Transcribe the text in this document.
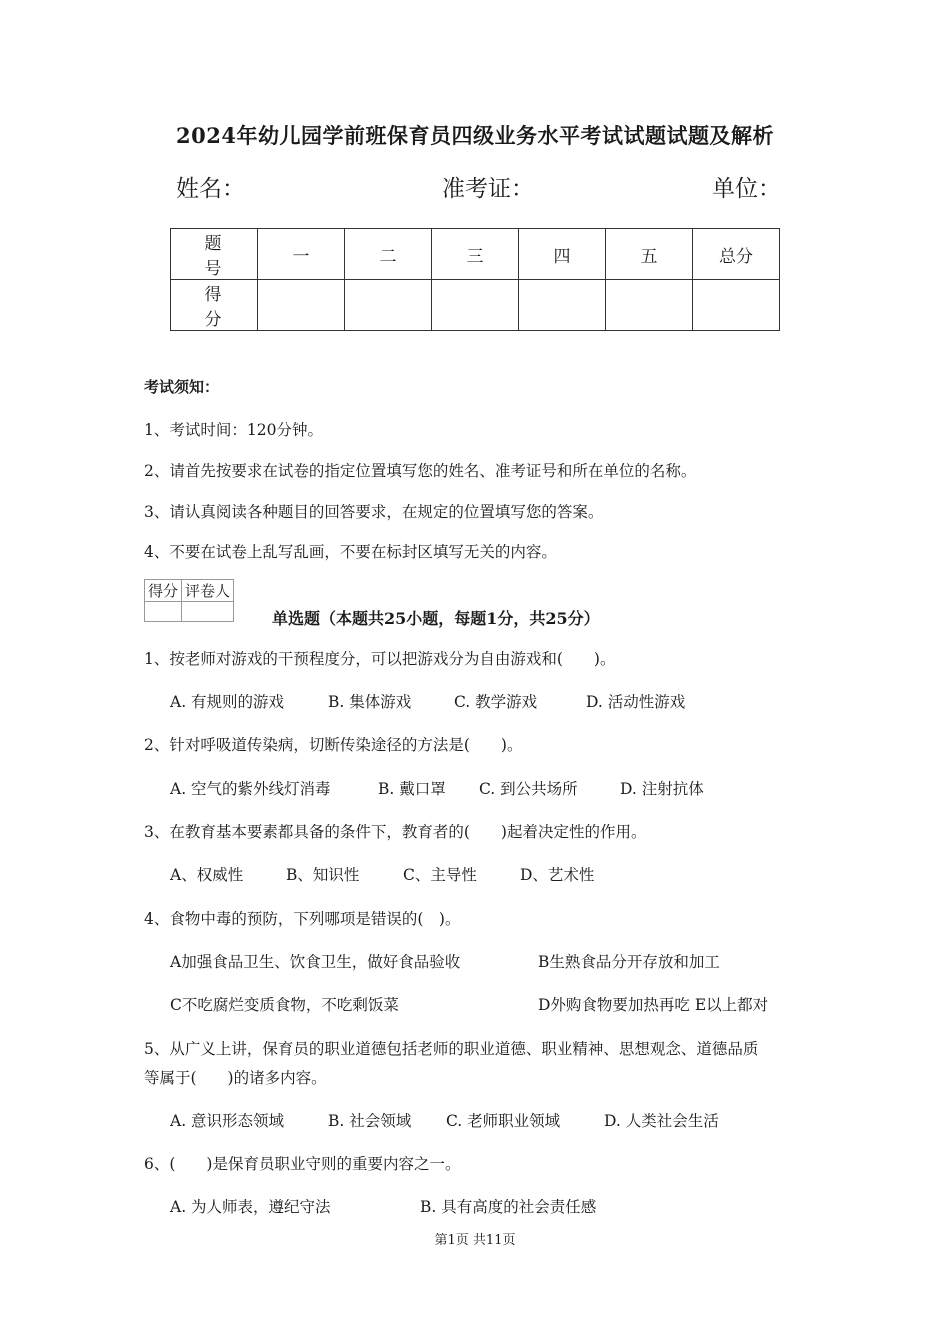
2024年幼儿园学前班保育员四级业务水平考试试题试题及解析
姓名：	准考证：	单位：
题 号	一	二	三	四	五	总分
得 分						
考试须知：
1、考试时间：120分钟。
2、请首先按要求在试卷的指定位置填写您的姓名、准考证号和所在单位的名称。
3、请认真阅读各种题目的回答要求，在规定的位置填写您的答案。
4、不要在试卷上乱写乱画，不要在标封区填写无关的内容。
得分	评卷人

单选题（本题共25小题，每题1分，共25分）
1、按老师对游戏的干预程度分，可以把游戏分为自由游戏和(　　)。
A. 有规则的游戏	B. 集体游戏	C. 教学游戏	D. 活动性游戏
2、针对呼吸道传染病，切断传染途径的方法是(　　)。
A. 空气的紫外线灯消毒	B. 戴口罩 C. 到公共场所	D. 注射抗体
3、在教育基本要素都具备的条件下，教育者的(　　)起着决定性的作用。
A、权威性	B、知识性	C、主导性	D、艺术性
4、食物中毒的预防，下列哪项是错误的(　)。
A加强食品卫生、饮食卫生，做好食品验收	B生熟食品分开存放和加工
C不吃腐烂变质食物，不吃剩饭菜	D外购食物要加热再吃 E以上都对
5、从广义上讲，保育员的职业道德包括老师的职业道德、职业精神、思想观念、道德品质
等属于(　　)的诸多内容。
A. 意识形态领域	B. 社会领域 C. 老师职业领域	D. 人类社会生活
6、(　　)是保育员职业守则的重要内容之一。
A. 为人师表，遵纪守法	B. 具有高度的社会责任感
第1页 共11页
